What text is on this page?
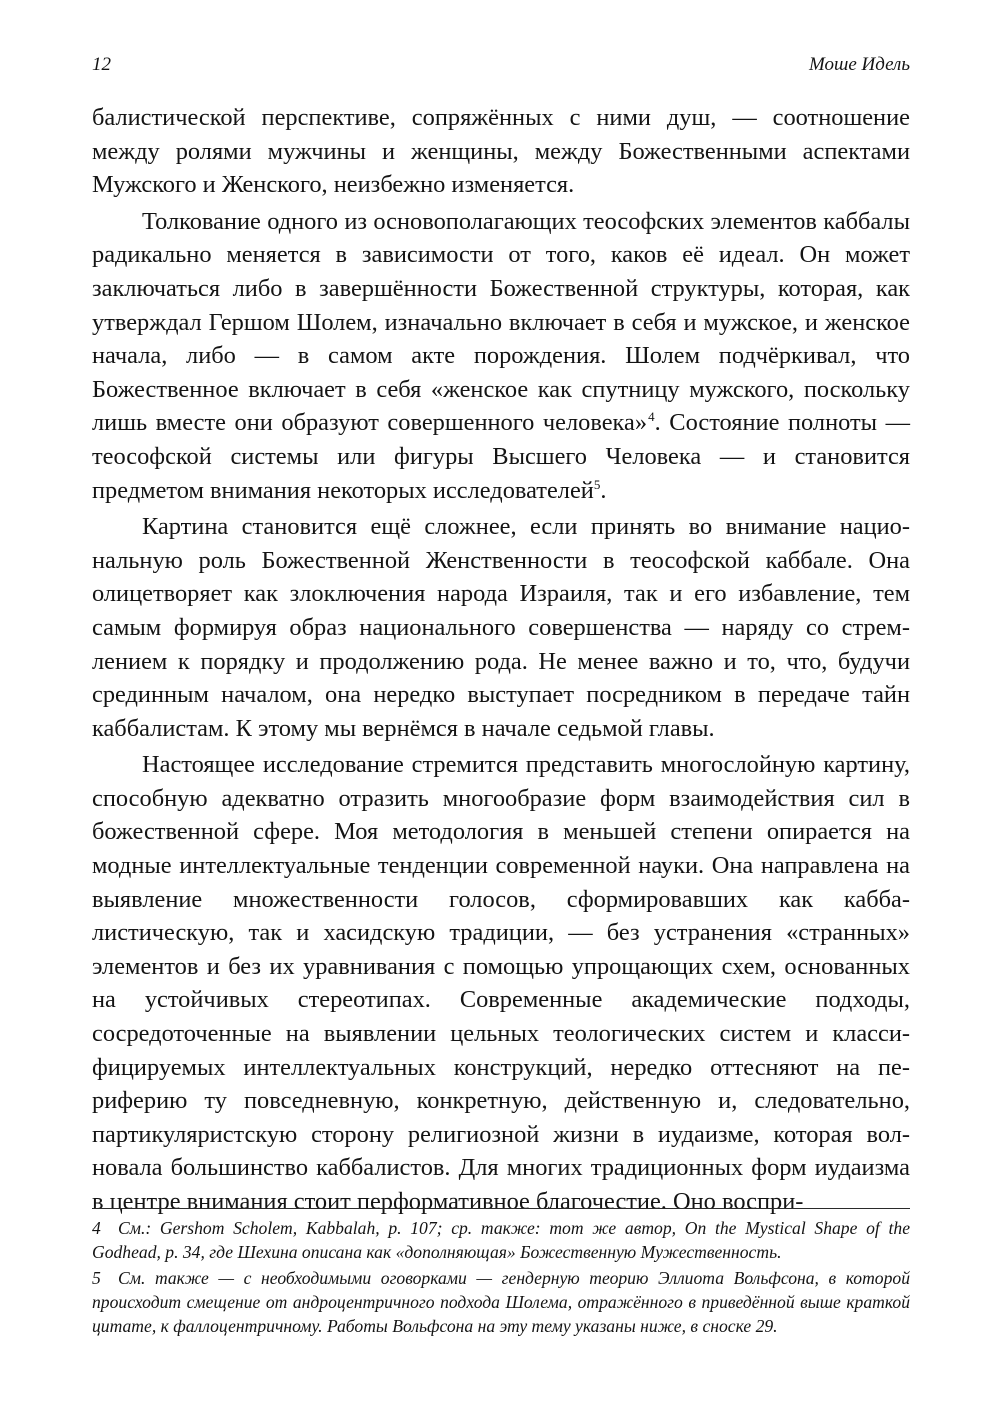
12	Моше Идель

балистической перспективе, сопряжённых с ними душ, — соотношение между ролями мужчины и женщины, между Божественными аспектами Мужского и Женского, неизбежно изменяется.

Толкование одного из основополагающих теософских элементов каббалы радикально меняется в зависимости от того, каков её идеал. Он может заключаться либо в завершённости Божественной структуры, которая, как утверждал Гершом Шолем, изначально включает в себя и мужское, и женское начала, либо — в самом акте порождения. Шолем подчёркивал, что Божественное включает в себя «женское как спутницу мужского, поскольку лишь вместе они образуют совершенного человека» $^4$. Состояние полноты — теософской системы или фигуры Высшего Человека — и становится предметом внимания некоторых исследователей$^5$.

Картина становится ещё сложнее, если принять во внимание национальную роль Божественной Женственности в теософской каббале. Она олицетворяет как злоключения народа Израиля, так и его избавление, тем самым формируя образ национального совершенства — наряду со стремлением к порядку и продолжению рода. Не менее важно и то, что, будучи срединным началом, она нередко выступает посредником в передаче тайн каббалистам. К этому мы вернёмся в начале седьмой главы.

Настоящее исследование стремится представить многослойную картину, способную адекватно отразить многообразие форм взаимодействия сил в божественной сфере. Моя методология в меньшей степени опирается на модные интеллектуальные тенденции современной науки. Она направлена на выявление множественности голосов, сформировавших как каббалистическую, так и хасидскую традиции, — без устранения «странных» элементов и без их уравнивания с помощью упрощающих схем, основанных на устойчивых стереотипах. Современные академические подходы, сосредоточенные на выявлении цельных теологических систем и классифицируемых интеллектуальных конструкций, нередко оттесняют на периферию ту повседневную, конкретную, действенную и, следовательно, партикуляристскую сторону религиозной жизни в иудаизме, которая волновала большинство каббалистов. Для многих традиционных форм иудаизма в центре внимания стоит перформативное благочестие. Оно воспри-

4 См.: Gershom Scholem, Kabbalah, p. 107; ср. также: тот же автор, On the Mystical Shape of the Godhead, p. 34, где Шехина описана как «дополняющая» Божественную Мужественность.

5 См. также — с необходимыми оговорками — гендерную теорию Эллиота Вольфсона, в которой происходит смещение от андроцентричного подхода Шолема, отражённого в приведённой выше краткой цитате, к фаллоцентричному. Работы Вольфсона на эту тему указаны ниже, в сноске 29.
